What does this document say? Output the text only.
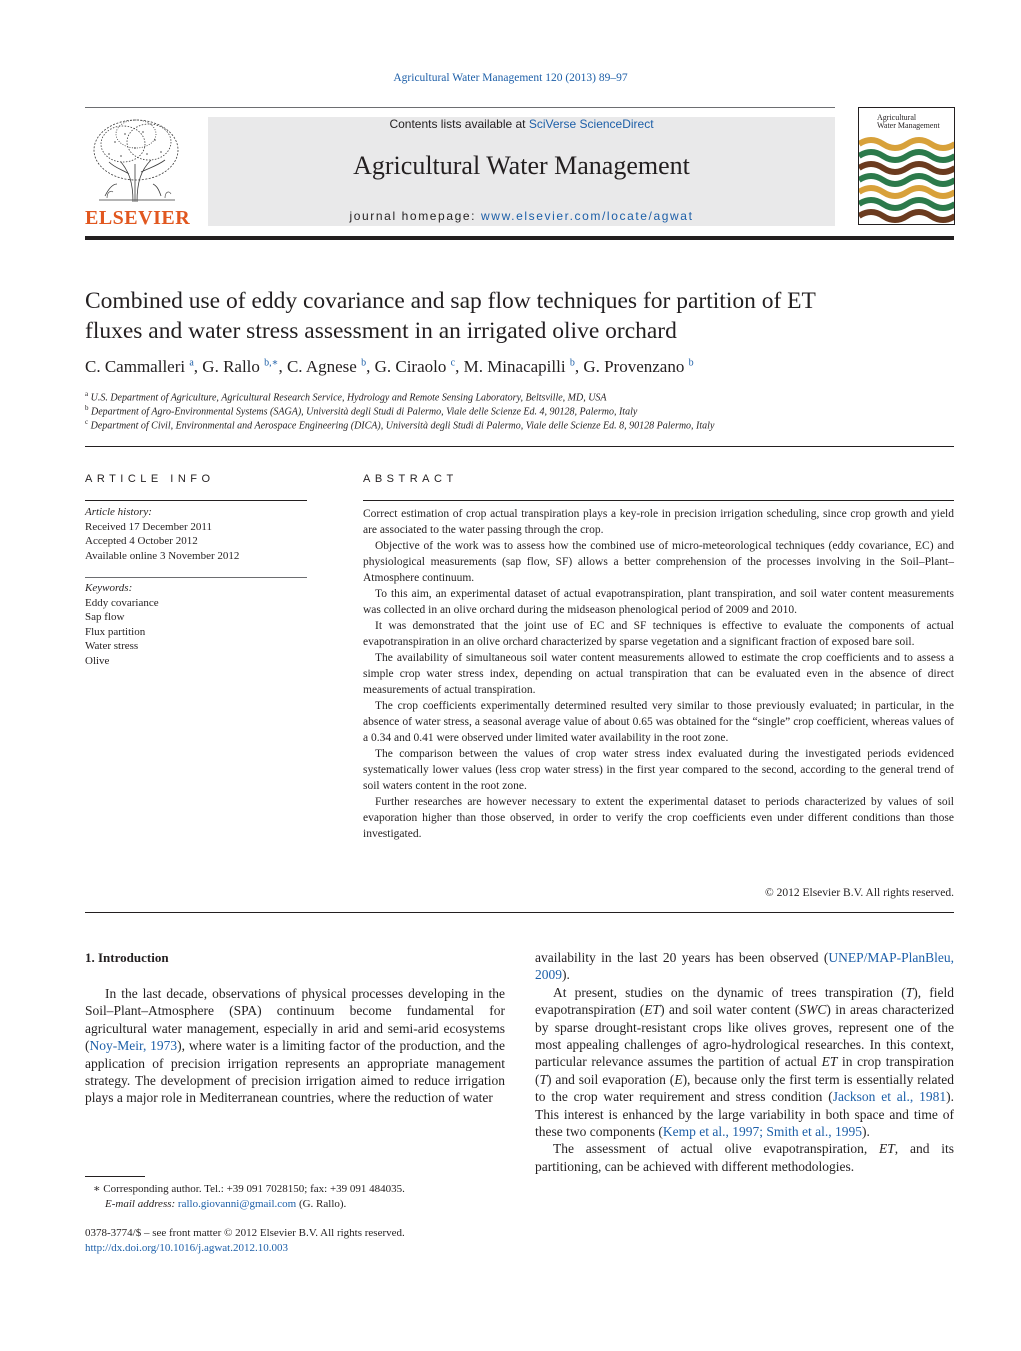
Agricultural Water Management 120 (2013) 89–97
ELSEVIER
Contents lists available at SciVerse ScienceDirect
Agricultural Water Management
journal homepage: www.elsevier.com/locate/agwat
Agricultural
Water Management
Combined use of eddy covariance and sap flow techniques for partition of ET
fluxes and water stress assessment in an irrigated olive orchard
C. Cammalleri $^a$, G. Rallo $^{b,∗}$, C. Agnese $^b$, G. Ciraolo $^c$, M. Minacapilli $^b$, G. Provenzano $^b$
$^a$ U.S. Department of Agriculture, Agricultural Research Service, Hydrology and Remote Sensing Laboratory, Beltsville, MD, USA
$^b$ Department of Agro-Environmental Systems (SAGA), Università degli Studi di Palermo, Viale delle Scienze Ed. 4, 90128, Palermo, Italy
$^c$ Department of Civil, Environmental and Aerospace Engineering (DICA), Università degli Studi di Palermo, Viale delle Scienze Ed. 8, 90128 Palermo, Italy
ARTICLE INFO
Article history:
Received 17 December 2011
Accepted 4 October 2012
Available online 3 November 2012
Keywords:
Eddy covariance
Sap flow
Flux partition
Water stress
Olive
ABSTRACT

Correct estimation of crop actual transpiration plays a key-role in precision irrigation scheduling, since crop growth and yield are associated to the water passing through the crop.

Objective of the work was to assess how the combined use of micro-meteorological techniques (eddy covariance, EC) and physiological measurements (sap flow, SF) allows a better comprehension of the processes involving in the Soil–Plant–Atmosphere continuum.

To this aim, an experimental dataset of actual evapotranspiration, plant transpiration, and soil water content measurements was collected in an olive orchard during the midseason phenological period of 2009 and 2010.

It was demonstrated that the joint use of EC and SF techniques is effective to evaluate the components of actual evapotranspiration in an olive orchard characterized by sparse vegetation and a significant fraction of exposed bare soil.

The availability of simultaneous soil water content measurements allowed to estimate the crop coefficients and to assess a simple crop water stress index, depending on actual transpiration that can be evaluated even in the absence of direct measurements of actual transpiration.

The crop coefficients experimentally determined resulted very similar to those previously evaluated; in particular, in the absence of water stress, a seasonal average value of about 0.65 was obtained for the “single” crop coefficient, whereas values of a 0.34 and 0.41 were observed under limited water availability in the root zone.

The comparison between the values of crop water stress index evaluated during the investigated periods evidenced systematically lower values (less crop water stress) in the first year compared to the second, according to the general trend of soil waters content in the root zone.

Further researches are however necessary to extent the experimental dataset to periods characterized by values of soil evaporation higher than those observed, in order to verify the crop coefficients even under different conditions than those investigated.

© 2012 Elsevier B.V. All rights reserved.
1. Introduction

In the last decade, observations of physical processes developing in the Soil–Plant–Atmosphere (SPA) continuum become fundamental for agricultural water management, especially in arid and semi-arid ecosystems (Noy-Meir, 1973), where water is a limiting factor of the production, and the application of precision irrigation represents an appropriate management strategy. The development of precision irrigation aimed to reduce irrigation plays a major role in Mediterranean countries, where the reduction of water

availability in the last 20 years has been observed (UNEP/MAP-PlanBleu, 2009).

At present, studies on the dynamic of trees transpiration (T), field evapotranspiration (ET) and soil water content (SWC) in areas characterized by sparse drought-resistant crops like olives groves, represent one of the most appealing challenges of agro-hydrological researches. In this context, particular relevance assumes the partition of actual ET in crop transpiration (T) and soil evaporation (E), because only the first term is essentially related to the crop water requirement and stress condition (Jackson et al., 1981). This interest is enhanced by the large variability in both space and time of these two components (Kemp et al., 1997; Smith et al., 1995).

The assessment of actual olive evapotranspiration, ET, and its partitioning, can be achieved with different methodologies.

∗ Corresponding author. Tel.: +39 091 7028150; fax: +39 091 484035.
E-mail address: rallo.giovanni@gmail.com (G. Rallo).
0378-3774/$ – see front matter © 2012 Elsevier B.V. All rights reserved.
http://dx.doi.org/10.1016/j.agwat.2012.10.003
